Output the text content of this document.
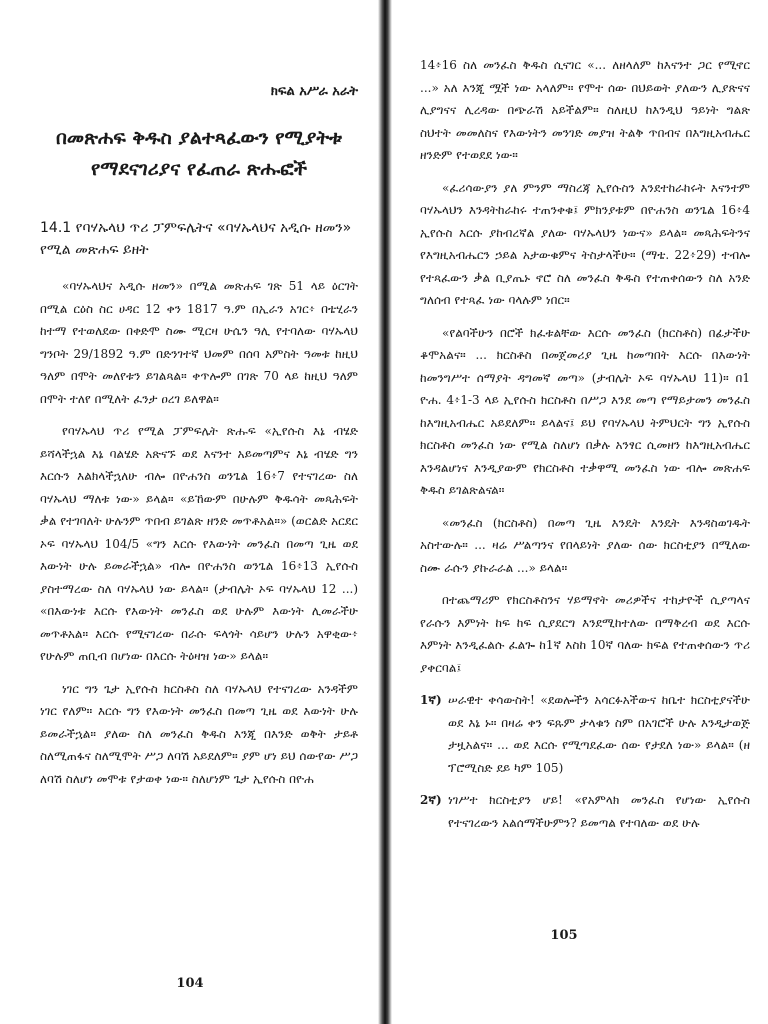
ክፍል አሥራ አራት
በመጽሐፍ ቅዱስ ያልተጻፈውን የሚያትቱ የማደናገሪያና የፈጠራ ጽሑፎች
14.1 የባሃኡላህ ጥሪ ፓምፍሌትና «ባሃኡላህና አዲሱ ዘመን» የሚል መጽሐፍ ይዘት

«ባሃኡላህና አዲሱ ዘመን» በሚል መጽሐፍ ገጽ 51 ላይ ዕርገት በሚል ርዕስ ስር ሀዳር 12 ቀን 1817 ዓ.ም በኢራን አገር፥ በቴሂራን ከተማ የተወለደው በቀድሞ ስሙ ሚርዛ ሁሴን ዓሊ የተባለው ባሃኡላህ ግንቦት 29/1892 ዓ.ም በድንገተኛ ህመም በሰባ አምስት ዓመቱ ከዚህ ዓለም በሞት መለየቱን ይገልጻል። ቀጥሎም በገጽ 70 ላይ ከዚህ ዓለም በሞት ተለየ በሚለት ፈንታ ዐረገ ይለዋል።

የባሃኡላህ ጥሪ የሚል ፓምፍሌት ጽሑፍ «ኢየሱስ እኔ ብሄድ ይሻላችኋል እኔ ባልሄድ አጽናኙ ወደ እናንተ አይመጣምና እኔ ብሄድ ግን እርሱን እልክላችኋለሁ ብሎ በዮሐንስ ወንጌል 16፥7 የተናገረው ስለ ባሃኡላህ ማለቱ ነው» ይላል። «ይኸውም በሁሉም ቅዱሳት መጻሕፍት ቃል የተገባለት ሁሉንም ጥበብ ይገልጽ ዘንድ መጥቶአል።» (ወርልድ አርደር ኦፍ ባሃኡላህ 104/5 «ግን እርሱ የእውነት መንፈስ በመጣ ጊዜ ወደ እውነት ሁሉ ይመራችኋል» ብሎ በዮሐንስ ወንጌል 16፥13 ኢየሱስ ያስተማረው ስለ ባሃኡላህ ነው ይላል። (ታብሌት ኦፍ ባሃኡላህ 12 ...) «በእውነቱ እርሱ የእውነት መንፈስ ወደ ሁሉም እውነት ሊመራችሁ መጥቶአል። እርሱ የሚናገረው በራሱ ፍላጎት ሳይሆን ሁሉን አዋቂው፥ የሁሉም ጠቢብ በሆነው በእርሱ ትዕዛዝ ነው» ይላል።

ነገር ግን ጌታ ኢየሱስ ክርስቶስ ስለ ባሃኡላህ የተናገረው አንዳችም ነገር የለም። እርሱ ግን የእውነት መንፈስ በመጣ ጊዜ ወደ እውነት ሁሉ ይመራችኋል። ያለው ስለ መንፈስ ቅዱስ እንጂ በእንድ ወቅት ታይቶ ስለሚጠፋና ስለሚሞት ሥጋ ለባሽ አይደለም። ያም ሆነ ይህ ሰውየው ሥጋ ለባሽ ስለሆነ መሞቱ የታወቀ ነው። ስለሆነም ጌታ ኢየሱስ በዮሐ

104

14፥16 ስለ መንፈስ ቅዱስ ሲናገር «... ለዘላለም ከእናንተ ጋር የሚኖር ...» አለ እንጂ ሟች ነው አላለም። የሞተ ሰው በህይወት ያለውን ሊያጽናና ሊያግናና ሊረዳው በጭራሽ አይችልም። ስለዚህ ከእንዲህ ዓይነት ግልጽ ስህተት መመለስና የእውነትን መንገድ መያዝ ትልቅ ጥበብና በእግዚአብሔር ዘንድም የተወደደ ነው።

«ፈሪሳውያን ያለ ምንም ማስረጃ ኢየሱስን እንደተከራከሩት እናንተም ባሃኡላህን እንዳትከራከሩ ተጠንቀቁ፤ ምክንያቱም በዮሐንስ ወንጌል 16፥4 ኢየሱስ እርሱ ያከብረኛል ያለው ባሃኡላህን ነውና» ይላል። መጻሕፍትንና የእግዚአብሔርን ኃይል አታውቁምና ትስታላችሁ። (ማቴ. 22፥29) ተብሎ የተጻፈውን ቃል ቢያጤኑ ኖሮ ስለ መንፈስ ቅዱስ የተጠቀሰውን ስለ አንድ ግለሰብ የተጻፈ ነው ባላሉም ነበር።

«የልባችሁን በሮች ክፈቱልቸው እርሱ መንፈስ (ክርስቶስ) በፊታችሁ ቆሞአልና። ... ክርስቶስ በመጀመሪያ ጊዜ ከመጣበት እርሱ በእውነት ከመንግሥተ ሰማያት ዳግመኛ መጣ» (ታብሌት ኦፍ ባሃኡላህ 11)። በ1 ዮሐ. 4፥1-3 ላይ ኢየሱስ ክርስቶስ በሥጋ እንደ መጣ የማይታመን መንፈስ ከእግዚአብሔር አይደለም። ይላልና፤ ይህ የባሃኡላህ ትምህርት ግን ኢየሱስ ክርስቶስ መንፈስ ነው የሚል ስለሆነ በቃሉ አንፃር ሲመዘን ከእግዚአብሔር እንዳልሆነና እንዲያውም የክርስቶስ ተቃዋሚ መንፈስ ነው ብሎ መጽሐፍ ቅዱስ ይገልጽልናል።

«መንፈስ (ክርስቶስ) በመጣ ጊዜ እንዴት እንዴት እንዳስወገዱት አስተውሉ። ... ዛሬ ሥልጣንና የበላይነት ያለው ሰው ክርስቲያን በሚለው ስሙ ራሱን ያኩራራል ...» ይላል።

በተጨማሪም የክርስቶስንና ሃይማኖት መሪዎችና ተከታዮች ሲያጣላና የራሱን እምነት ከፍ ከፍ ሲያደርግ እንደሚከተለው በማቅረብ ወደ እርሱ እምነት እንዲፈልሱ ፈልጐ ከ1ኛ እስከ 10ኛ ባለው ክፍል የተጠቀሰውን ጥሪ ያቀርባል፤

1ኛ) ሠራዊተ ቀሳውስት! «ደወሎችን አሳርፉአችውና ከቤተ ክርስቲያናችሁ ወደ እኔ ኑ። በዛሬ ቀን ፍጹም ታላቁን ስም በአገሮች ሁሉ እንዲታወጅ ታዟአልና። ... ወደ እርሱ የሚጣደፈው ሰው የታደለ ነው» ይላል። (ዘ ፕሮሚስድ ደይ ካም 105)
2ኛ) ነገሥተ ክርስቲያን ሆይ! «የአምላክ መንፈስ የሆነው ኢየሱስ የተናገረውን አልሰማችሁምን? ይመጣል የተባለው ወደ ሁሉ
105
